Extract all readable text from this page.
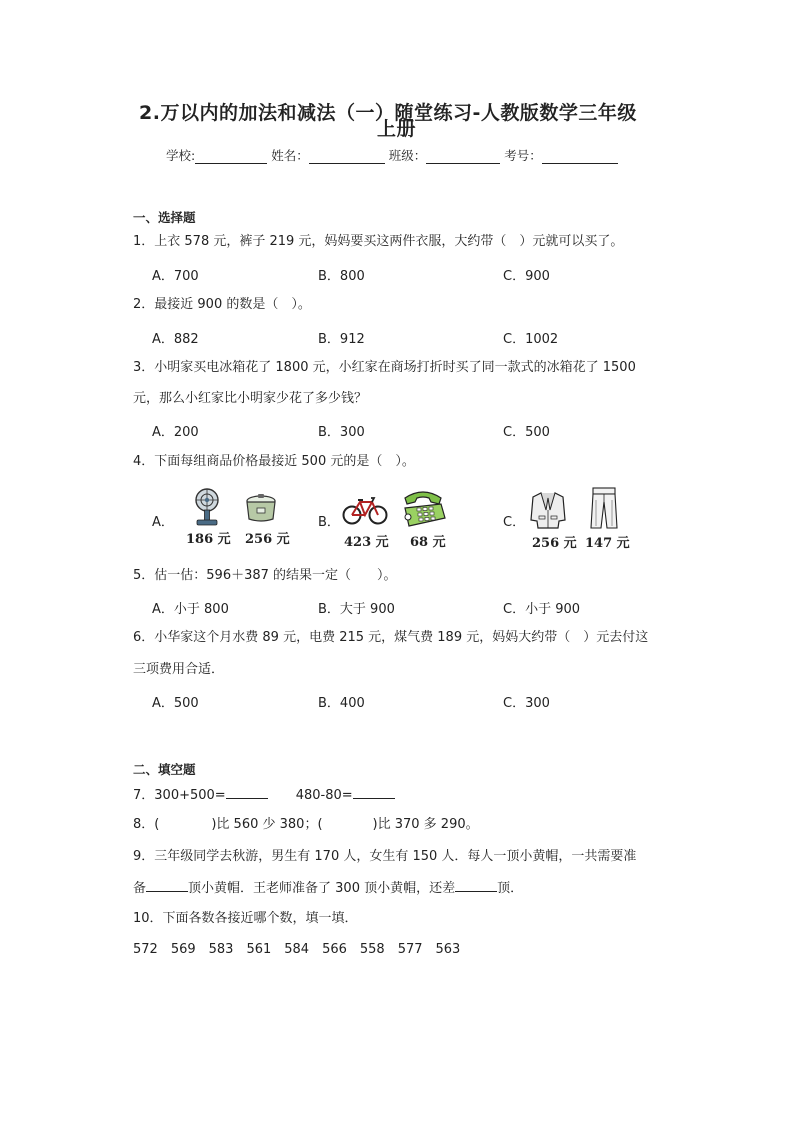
2.万以内的加法和减法（一）随堂练习-人教版数学三年级
上册
学校:	姓名：	班级：	考号：
一、选择题
1．上衣 578 元，裤子 219 元，妈妈要买这两件衣服，大约带（　）元就可以买了。
A．700	B．800	C．900
2．最接近 900 的数是（　）。
A．882	B．912	C．1002
3．小明家买电冰箱花了 1800 元，小红家在商场打折时买了同一款式的冰箱花了 1500
元，那么小红家比小明家少花了多少钱？
A．200	B．300	C．500
4．下面每组商品价格最接近 500 元的是（　）。
A．
186 元 256 元
B．
423 元 68 元
C．
256 元 147 元
5．估一估：596＋387 的结果一定（　　）。
A．小于 800	B．大于 900	C．小于 900
6．小华家这个月水费 89 元，电费 215 元，煤气费 189 元，妈妈大约带（　）元去付这
三项费用合适．
A．500	B．400	C．300
二、填空题
7．300+500=	480-80=
8．(	)比 560 少 380；(	)比 370 多 290。
9．三年级同学去秋游，男生有 170 人，女生有 150 人．每人一顶小黄帽，一共需要准
备	顶小黄帽．王老师准备了 300 顶小黄帽，还差	顶．
10．下面各数各接近哪个数，填一填．
572　569　583　561　584　566　558　577　563
